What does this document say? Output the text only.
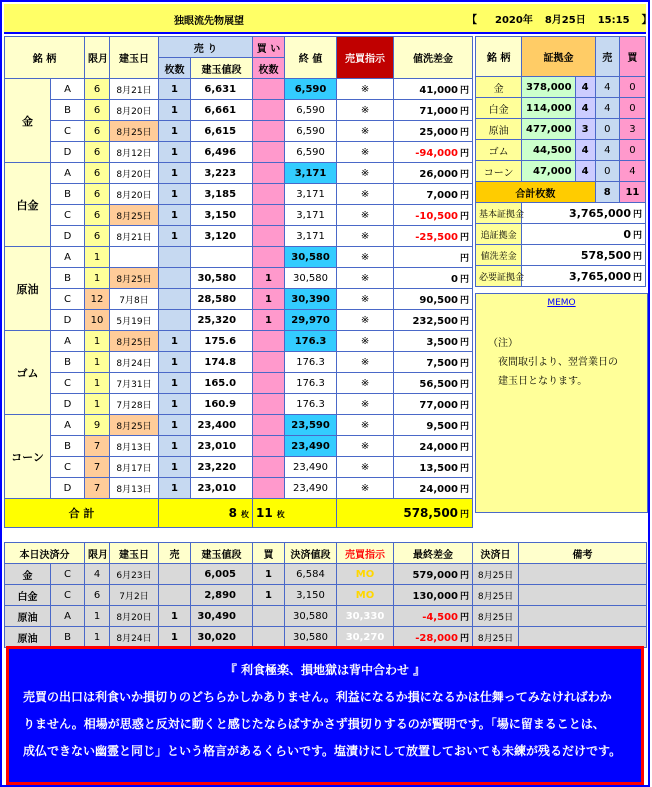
独眼流先物展望	【 2020年 8月25日 15:15 】
銘 柄		限月	建玉日	売 り		買 い	終 値	売買指示	値洗差金
				枚数	建玉値段	枚数			
金	A	6	8月21日	1	6,631		6,590	※	41,000 円
	B	6	8月20日	1	6,661		6,590	※	71,000 円
	C	6	8月25日	1	6,615		6,590	※	25,000 円
	D	6	8月12日	1	6,496		6,590	※	-94,000 円
白金	A	6	8月20日	1	3,223		3,171	※	26,000 円
	B	6	8月20日	1	3,185		3,171	※	7,000 円
	C	6	8月25日	1	3,150		3,171	※	-10,500 円
	D	6	8月21日	1	3,120		3,171	※	-25,500 円
原油	A	1					30,580	※	円
	B	1	8月25日		30,580	1	30,580	※	0 円
	C	12	7月8日		28,580	1	30,390	※	90,500 円
	D	10	5月19日		25,320	1	29,970	※	232,500 円
ゴム	A	1	8月25日	1	175.6		176.3	※	3,500 円
	B	1	8月24日	1	174.8		176.3	※	7,500 円
	C	1	7月31日	1	165.0		176.3	※	56,500 円
	D	1	7月28日	1	160.9		176.3	※	77,000 円
コーン	A	9	8月25日	1	23,400		23,590	※	9,500 円
	B	7	8月13日	1	23,010		23,490	※	24,000 円
	C	7	8月17日	1	23,220		23,490	※	13,500 円
	D	7	8月13日	1	23,010		23,490	※	24,000 円
合 計				8 枚		11 枚		578,500 円	
銘 柄	証拠金		売	買
金	378,000	4	4	0
白金	114,000	4	4	0
原油	477,000	3	0	3
ゴム	44,500	4	4	0
コーン	47,000	4	0	4
合計枚数			8	11
基本証拠金	3,765,000 円			
追証拠金	0 円			
値洗差金	578,500 円			
必要証拠金	3,765,000 円			
MEMO
（注）
夜間取引より、翌営業日の
建玉日となります。
本日決済分		限月	建玉日	売	建玉値段	買	決済値段	売買指示	最終差金	決済日	備考
金	C	4	6月23日		6,005	1	6,584	MO	579,000 円	8月25日	
白金	C	6	7月2日		2,890	1	3,150	MO	130,000 円	8月25日	
原油	A	1	8月20日	1	30,490		30,580	30,330	-4,500 円	8月25日	
原油	B	1	8月24日	1	30,020		30,580	30,270	-28,000 円	8月25日	
『 利食極楽、損地獄は背中合わせ 』
売買の出口は利食いか損切りのどちらかしかありません。利益になるか損になるかは仕舞ってみなければわか
りません。相場が思惑と反対に動くと感じたならばすかさず損切りするのが賢明です。「場に留まることは、
成仏できない幽霊と同じ」という格言があるくらいです。塩漬けにして放置しておいても未練が残るだけです。
